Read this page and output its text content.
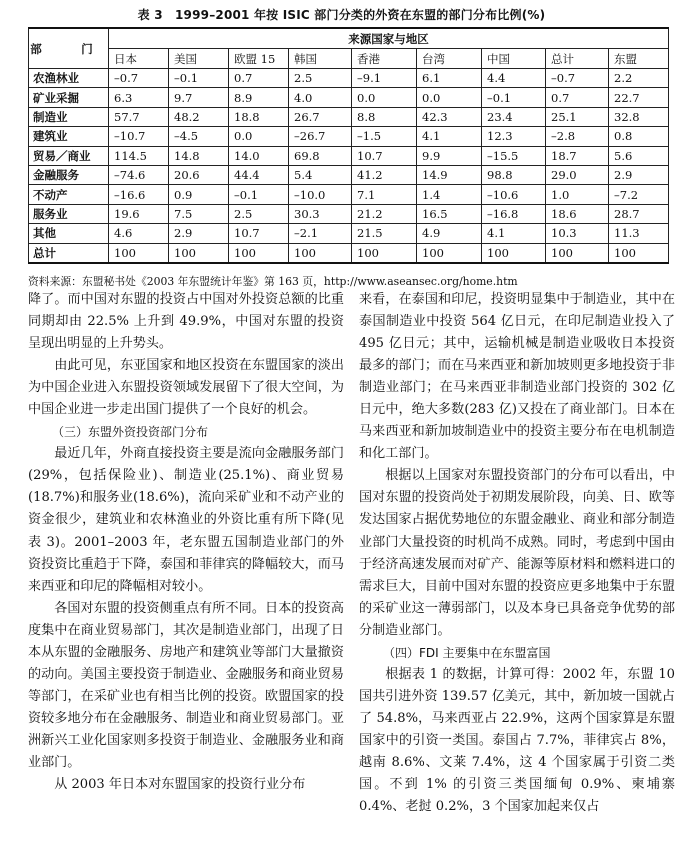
表 3　1999–2001 年按 ISIC 部门分类的外资在东盟的部门分布比例(%)
部　门	来源国家与地区								
	日本	美国	欧盟 15	韩国	香港	台湾	中国	总计	东盟
农渔林业	–0.7	–0.1	0.7	2.5	–9.1	6.1	4.4	–0.7	2.2
矿业采掘	6.3	9.7	8.9	4.0	0.0	0.0	–0.1	0.7	22.7
制造业	57.7	48.2	18.8	26.7	8.8	42.3	23.4	25.1	32.8
建筑业	–10.7	–4.5	0.0	–26.7	–1.5	4.1	12.3	–2.8	0.8
贸易／商业	114.5	14.8	14.0	69.8	10.7	9.9	–15.5	18.7	5.6
金融服务	–74.6	20.6	44.4	5.4	41.2	14.9	98.8	29.0	2.9
不动产	–16.6	0.9	–0.1	–10.0	7.1	1.4	–10.6	1.0	–7.2
服务业	19.6	7.5	2.5	30.3	21.2	16.5	–16.8	18.6	28.7
其他	4.6	2.9	10.7	–2.1	21.5	4.9	4.1	10.3	11.3
总计	100	100	100	100	100	100	100	100	100
资料来源：东盟秘书处《2003 年东盟统计年鉴》第 163 页，http://www.aseansec.org/home.htm

降了。而中国对东盟的投资占中国对外投资总额的比重同期却由 22.5% 上升到 49.9%，中国对东盟的投资呈现出明显的上升势头。

由此可见，东亚国家和地区投资在东盟国家的淡出为中国企业进入东盟投资领域发展留下了很大空间，为中国企业进一步走出国门提供了一个良好的机会。

（三）东盟外资投资部门分布

最近几年，外商直接投资主要是流向金融服务部门(29%，包括保险业)、制造业(25.1%)、商业贸易(18.7%)和服务业(18.6%)，流向采矿业和不动产业的资金很少，建筑业和农林渔业的外资比重有所下降(见表 3)。2001–2003 年，老东盟五国制造业部门的外资投资比重趋于下降，泰国和菲律宾的降幅较大，而马来西亚和印尼的降幅相对较小。

各国对东盟的投资侧重点有所不同。日本的投资高度集中在商业贸易部门，其次是制造业部门，出现了日本从东盟的金融服务、房地产和建筑业等部门大量撤资的动向。美国主要投资于制造业、金融服务和商业贸易等部门，在采矿业也有相当比例的投资。欧盟国家的投资较多地分布在金融服务、制造业和商业贸易部门。亚洲新兴工业化国家则多投资于制造业、金融服务业和商业部门。

从 2003 年日本对东盟国家的投资行业分布

来看，在泰国和印尼，投资明显集中于制造业，其中在泰国制造业中投资 564 亿日元，在印尼制造业投入了 495 亿日元；其中，运输机械是制造业吸收日本投资最多的部门；而在马来西亚和新加坡则更多地投资于非制造业部门；在马来西亚非制造业部门投资的 302 亿日元中，绝大多数(283 亿)又投在了商业部门。日本在马来西亚和新加坡制造业中的投资主要分布在电机制造和化工部门。

根据以上国家对东盟投资部门的分布可以看出，中国对东盟的投资尚处于初期发展阶段，向美、日、欧等发达国家占据优势地位的东盟金融业、商业和部分制造业部门大量投资的时机尚不成熟。同时，考虑到中国由于经济高速发展而对矿产、能源等原材料和燃料进口的需求巨大，目前中国对东盟的投资应更多地集中于东盟的采矿业这一薄弱部门，以及本身已具备竞争优势的部分制造业部门。

（四）FDI 主要集中在东盟富国

根据表 1 的数据，计算可得：2002 年，东盟 10 国共引进外资 139.57 亿美元，其中，新加坡一国就占了 54.8%，马来西亚占 22.9%，这两个国家算是东盟国家中的引资一类国。泰国占 7.7%，菲律宾占 8%，越南 8.6%、文莱 7.4%，这 4 个国家属于引资二类国。不到 1% 的引资三类国缅甸 0.9%、柬埔寨 0.4%、老挝 0.2%，3 个国家加起来仅占
